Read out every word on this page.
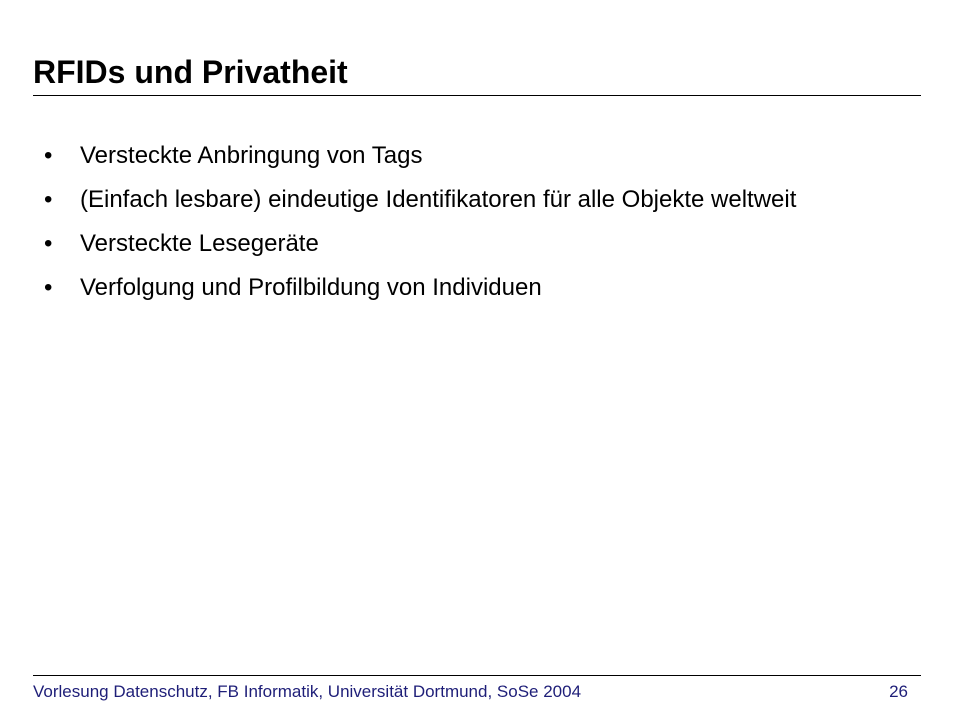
RFIDs und Privatheit
• Versteckte Anbringung von Tags
• (Einfach lesbare) eindeutige Identifikatoren für alle Objekte weltweit
• Versteckte Lesegeräte
• Verfolgung und Profilbildung von Individuen
Vorlesung Datenschutz, FB Informatik, Universität Dortmund, SoSe 2004	26
